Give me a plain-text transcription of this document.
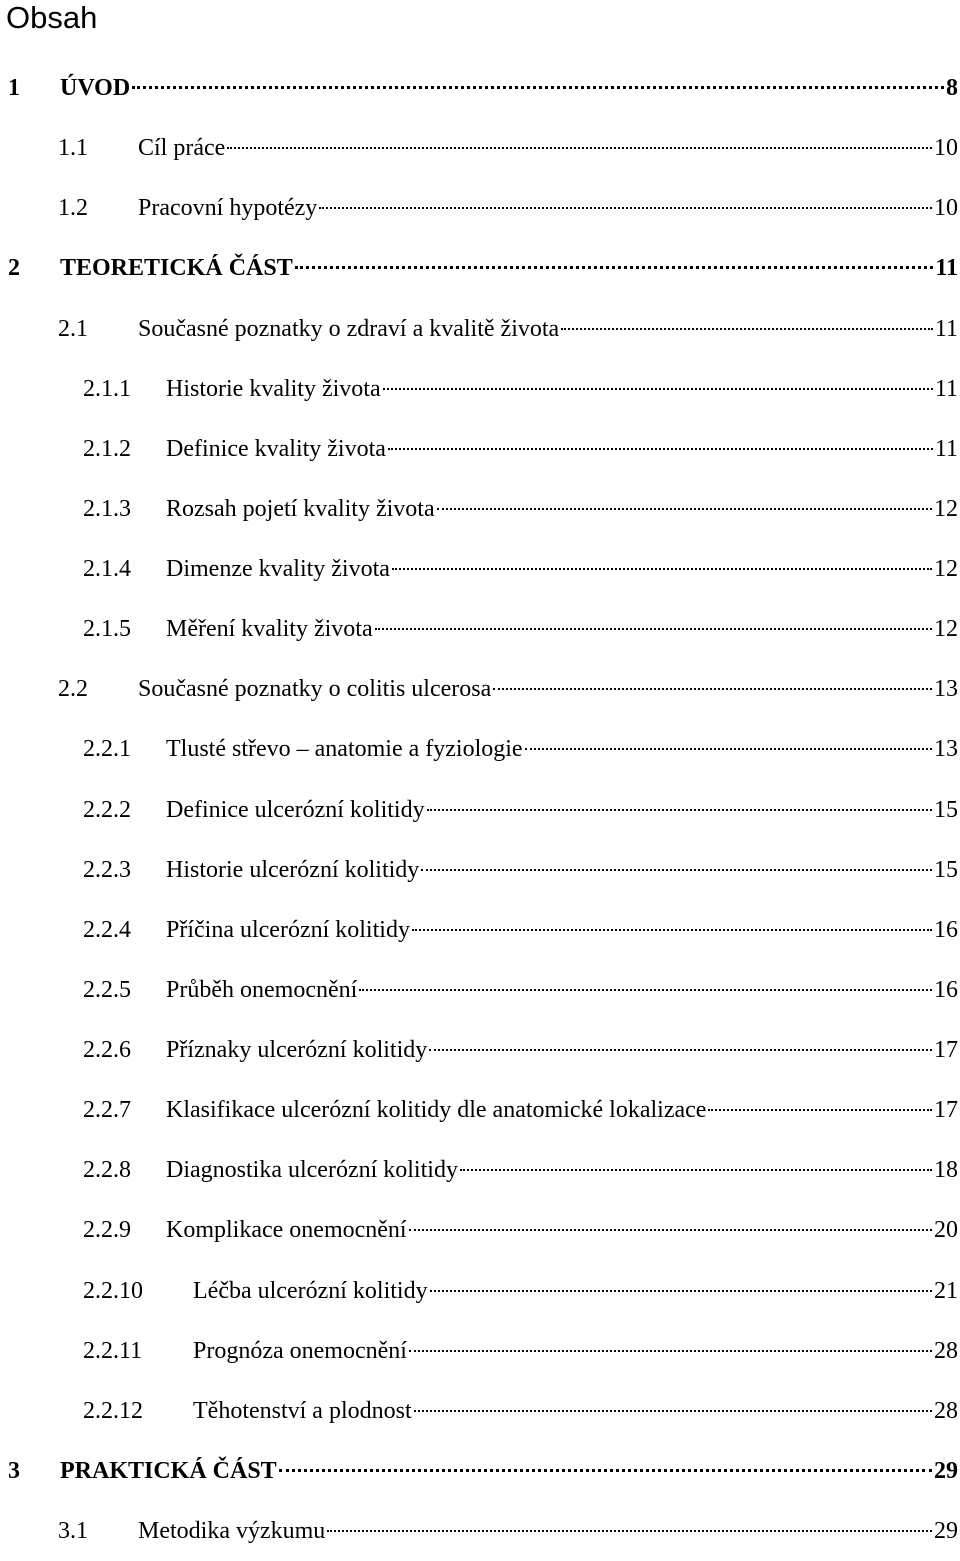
Obsah
1	ÚVOD	8
1.1	Cíl práce	10
1.2	Pracovní hypotézy	10
2	TEORETICKÁ ČÁST	11
2.1	Současné poznatky o zdraví a kvalitě života	11
2.1.1	Historie kvality života	11
2.1.2	Definice kvality života	11
2.1.3	Rozsah pojetí kvality života	12
2.1.4	Dimenze kvality života	12
2.1.5	Měření kvality života	12
2.2	Současné poznatky o colitis ulcerosa	13
2.2.1	Tlusté střevo – anatomie a fyziologie	13
2.2.2	Definice ulcerózní kolitidy	15
2.2.3	Historie ulcerózní kolitidy	15
2.2.4	Příčina ulcerózní kolitidy	16
2.2.5	Průběh onemocnění	16
2.2.6	Příznaky ulcerózní kolitidy	17
2.2.7	Klasifikace ulcerózní kolitidy dle anatomické lokalizace	17
2.2.8	Diagnostika ulcerózní kolitidy	18
2.2.9	Komplikace onemocnění	20
2.2.10	Léčba ulcerózní kolitidy	21
2.2.11	Prognóza onemocnění	28
2.2.12	Těhotenství a plodnost	28
3	PRAKTICKÁ ČÁST	29
3.1	Metodika výzkumu	29
